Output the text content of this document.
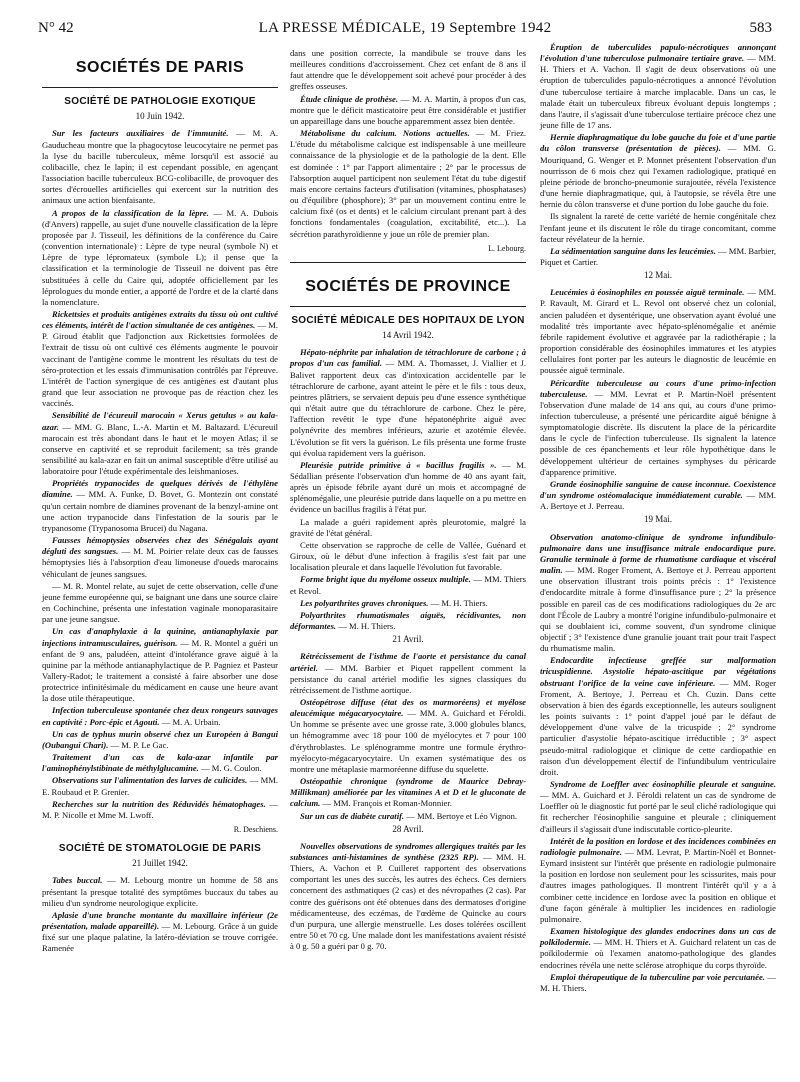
N° 42	LA PRESSE MÉDICALE, 19 Septembre 1942	583
SOCIÉTÉS DE PARIS
SOCIÉTÉ DE PATHOLOGIE EXOTIQUE
10 Juin 1942.

Sur les facteurs auxiliaires de l'immunité. — M. A. Gauducheau montre que la phagocytose leucocytaire ne permet pas la lyse du bacille tuberculeux, même lorsqu'il est associé au colibacille, chez le lapin; il est cependant possible, en agençant l'association bacille tuberculeux BCG-colibacille, de provoquer des sortes d'écrouelles artificielles qui exercent sur la nutrition des animaux une action bienfaisante.

A propos de la classification de la lèpre. — M. A. Dubois (d'Anvers) rappelle, au sujet d'une nouvelle classification de la lèpre proposée par J. Tisseuil, les définitions de la conférence du Caire (convention internationale) : Lèpre de type neural (symbole N) et Lèpre de type lépromateux (symbole L); il pense que la classification et la terminologie de Tisseuil ne doivent pas être substituées à celle du Caire qui, adoptée officiellement par les léprologues du monde entier, a apporté de l'ordre et de la clarté dans la nomenclature.

Rickettsies et produits antigènes extraits du tissu où ont cultivé ces éléments, intérêt de l'action simultanée de ces antigènes. — M. P. Giroud établit que l'adjonction aux Rickettsies formolées de l'extrait de tissu où ont cultivé ces éléments augmente le pouvoir vaccinant de l'antigène comme le montrent les résultats du test de séro-protection et les essais d'immunisation contrôlés par l'épreuve. L'intérêt de l'action synergique de ces antigènes est d'autant plus grand que leur association ne provoque pas de réaction chez les vaccinés.

Sensibilité de l'écureuil marocain « Xerus getulus » au kala-azar. — MM. G. Blanc, L.-A. Martin et M. Baltazard. L'écureuil marocain est très abondant dans le haut et le moyen Atlas; il se conserve en captivité et se reproduit facilement; sa très grande sensibilité au kala-azar en fait un animal susceptible d'être utilisé au laboratoire pour l'étude expérimentale des leishmanioses.

Propriétés trypanocides de quelques dérivés de l'éthylène diamine. — MM. A. Funke, D. Bovet, G. Montezin ont constaté qu'un certain nombre de diamines provenant de la benzyl-amine ont une action trypanocide dans l'infestation de la souris par le trypanosome (Trypanosoma Brucei) du Nagana.

Fausses hémoptysies observées chez des Sénégalais ayant dégluti des sangsues. — M. M. Poirier relate deux cas de fausses hémoptysies liés à l'absorption d'eau limoneuse d'oueds marocains véhiculant de jeunes sangsues.

— M. R. Montel relate, au sujet de cette observation, celle d'une jeune femme européenne qui, se baignant une dans une source claire en Cochinchine, présenta une infestation vaginale monoparasitaire par une jeune sangsue.

Un cas d'anaphylaxie à la quinine, antianaphylaxie par injections intramusculaires, guérison. — M. R. Montel a guéri un enfant de 9 ans, paludéen, atteint d'intolérance grave aiguë à la quinine par la méthode antianaphylactique de P. Pagniez et Pasteur Vallery-Radot; le traitement a consisté à faire absorber une dose protectrice infinitésimale du médicament en cause une heure avant la dose utile thérapeutique.

Infection tuberculeuse spontanée chez deux rongeurs sauvages en captivité : Porc-épic et Agouti. — M. A. Urbain.

Un cas de typhus murin observé chez un Européen à Bangui (Oubangui Chari). — M. P. Le Gac.

Traitement d'un cas de kala-azar infantile par l'aminophénylstibinate de méthylglucamine. — M. G. Coulon.

Observations sur l'alimentation des larves de culicides. — MM. E. Roubaud et P. Grenier.

Recherches sur la nutrition des Réduvidés hématophages. — M. P. Nicolle et Mme M. Lwoff.

R. Deschiens.
SOCIÉTÉ DE STOMATOLOGIE DE PARIS
21 Juillet 1942.

Tabes buccal. — M. Lebourg montre un homme de 58 ans présentant la presque totalité des symptômes buccaux du tabes au milieu d'un syndrome neurologique explicite.

Aplasie d'une branche montante du maxillaire inférieur (2e présentation, malade appareillé). — M. Lebourg. Grâce à un guide fixé sur une plaque palatine, la latéro-déviation se trouve corrigée. Ramenée

dans une position correcte, la mandibule se trouve dans les meilleures conditions d'accroissement. Chez cet enfant de 8 ans il faut attendre que le développement soit achevé pour procéder à des greffes osseuses.

Étude clinique de prothèse. — M. A. Martin, à propos d'un cas, montre que le déficit masticatoire peut être considérable et justifier un appareillage dans une bouche apparemment assez bien dentée.

Métabolisme du calcium. Notions actuelles. — M. Friez. L'étude du métabolisme calcique est indispensable à une meilleure connaissance de la physiologie et de la pathologie de la dent. Elle est dominée : 1° par l'apport alimentaire ; 2° par le processus de l'absorption auquel participent non seulement l'état du tube digestif mais encore certains facteurs d'utilisation (vitamines, phosphatases) ou d'équilibre (phosphore); 3° par un mouvement continu entre le calcium fixé (os et dents) et le calcium circulant prenant part à des fonctions fondamentales (coagulation, excitabilité, etc...). La sécrétion parathyroïdienne y joue un rôle de premier plan.

L. Lebourg.
SOCIÉTÉS DE PROVINCE
SOCIÉTÉ MÉDICALE DES HOPITAUX DE LYON
14 Avril 1942.

Hépato-néphrite par inhalation de tétrachlorure de carbone ; à propos d'un cas familial. — MM. A. Thomasset, J. Viallier et J. Balivet rapportent deux cas d'intoxication accidentelle par le tétrachlorure de carbone, ayant atteint le père et le fils : tous deux, peintres plâtriers, se servaient depuis peu d'une essence synthétique qui n'était autre que du tétrachlorure de carbone. Chez le père, l'affection revêtit le type d'une hépatonéphrite aiguë avec polynévrite des membres inférieurs, azurie et azotémie élevée. L'évolution se fit vers la guérison. Le fils présenta une forme fruste qui évolua rapidement vers la guérison.

Pleurésie putride primitive à « bacillus fragilis ». — M. Sédallian présente l'observation d'un homme de 40 ans ayant fait, après un épisode fébrile ayant duré un mois et accompagné de splénomégalie, une pleurésie putride dans laquelle on a pu mettre en évidence un bacillus fragilis à l'état pur.

La malade a guéri rapidement après pleurotomie, malgré la gravité de l'état général.

Cette observation se rapproche de celle de Vallée, Guénard et Giroux, où le début d'une infection à fragilis s'est fait par une localisation pleurale et dans laquelle l'évolution fut favorable.

Forme bright ique du myélome osseux multiple. — MM. Thiers et Revol.

Les polyarthrites graves chroniques. — M. H. Thiers.

Polyarthrites rhumatismales aiguës, récidivantes, non déformantes. — M. H. Thiers.

21 Avril.

Rétrécissement de l'isthme de l'aorte et persistance du canal artériel. — MM. Barbier et Piquet rappellent comment la persistance du canal artériel modifie les signes classiques du rétrécissement de l'isthme aortique.

Ostéopétrose diffuse (état des os marmoréens) et myélose aleucémique mégacaryocytaire. — MM. A. Guichard et Féroldi. Un homme se présente avec une grosse rate, 3.000 globules blancs, un hémogramme avec 18 pour 100 de myélocytes et 7 pour 100 d'érythroblastes. Le splénogramme montre une formule érythro-myélocyto-mégacaryocytaire. Un examen systématique des os montre une métaplasie marmoréenne diffuse du squelette.

Ostéopathie chronique (syndrome de Maurice Debray-Millikman) améliorée par les vitamines A et D et le gluconate de calcium. — MM. François et Roman-Monnier.

Sur un cas de diabète curatif. — MM. Bertoye et Léo Vignon.

28 Avril.

Nouvelles observations de syndromes allergiques traités par les substances anti-histamines de synthèse (2325 RP). — MM. H. Thiers, A. Vachon et P. Cuilleret rapportent des observations comportant les unes des succès, les autres des échecs. Ces derniers concernent des asthmatiques (2 cas) et des névropathes (2 cas). Par contre des guérisons ont été obtenues dans des dermatoses d'origine médicamenteuse, des eczémas, de l'œdème de Quincke au cours d'un purpura, une allergie menstruelle. Les doses tolérées oscillent entre 50 et 70 cg. Une malade dont les manifestations avaient résisté à 0 g. 50 a guéri par 0 g. 70.

Éruption de tuberculides papulo-nécrotiques annonçant l'évolution d'une tuberculose pulmonaire tertiaire grave. — MM. H. Thiers et A. Vachon. Il s'agit de deux observations où une éruption de tuberculides papulo-nécrotiques a annoncé l'évolution d'une tuberculose tertiaire à marche implacable. Dans un cas, le malade était un tuberculeux fibreux évoluant depuis longtemps ; dans l'autre, il s'agissait d'une tuberculose tertiaire précoce chez une jeune fille de 17 ans.

Hernie diaphragmatique du lobe gauche du foie et d'une partie du côlon transverse (présentation de pièces). — MM. G. Mouriquand, G. Wenger et P. Monnet présentent l'observation d'un nourrisson de 6 mois chez qui l'examen radiologique, pratiqué en pleine période de broncho-pneumonie surajoutée, révéla l'existence d'une hernie diaphragmatique, qui, à l'autopsie, se révéla être une hernie du côlon transverse et d'une portion du lobe gauche du foie.

Ils signalent la rareté de cette variété de hernie congénitale chez l'enfant jeune et ils discutent le rôle du tirage concomitant, comme facteur révélateur de la hernie.

La sédimentation sanguine dans les leucémies. — MM. Barbier, Piquet et Cartier.

12 Mai.

Leucémies à éosinophiles en poussée aiguë terminale. — MM. P. Ravault, M. Girard et L. Revol ont observé chez un colonial, ancien paludéen et dysentérique, une observation ayant évolué une modalité très importante avec hépato-splénomégalie et anémie fébrile rapidement évolutive et aggravée par la radiothérapie ; la proportion considérable des éosinophiles immatures et les atypies cellulaires font porter par les auteurs le diagnostic de leucémie en poussée aiguë terminale.

Péricardite tuberculeuse au cours d'une primo-infection tuberculeuse. — MM. Levrat et P. Martin-Noël présentent l'observation d'une malade de 14 ans qui, au cours d'une primo-infection tuberculeuse, a présenté une péricardite aiguë bénigne à symptomatologie discrète. Ils discutent la place de la péricardite dans le cycle de l'infection tuberculeuse. Ils signalent la latence possible de ces épanchements et leur rôle hypothétique dans le développement ultérieur de certaines symphyses du péricarde d'apparence primitive.

Grande éosinophilie sanguine de cause inconnue. Coexistence d'un syndrome ostéomalacique immédiatement curable. — MM. A. Bertoye et J. Perreau.

19 Mai.

Observation anatomo-clinique de syndrome infundibulo-pulmonaire dans une insuffisance mitrale endocardique pure. Granulie terminale à forme de rhumatisme cardiaque et viscéral malin. — MM. Roger Froment, A. Bertoye et J. Perreau apportent une observation illustrant trois points précis : 1° l'existence d'endocardite mitrale à forme d'insuffisance pure ; 2° la présence possible en pareil cas de ces modifications radiologiques du 2e arc dont l'École de Laubry a montré l'origine infundibulo-pulmonaire et qui se doublaient ici, comme souvent, d'un syndrome clinique objectif ; 3° l'existence d'une granulie jouant trait pour trait l'aspect du rhumatisme malin.

Endocardite infectieuse greffée sur malformation tricuspidienne. Asystolie hépato-ascitique par végétations obstruant l'orifice de la veine cave inférieure. — MM. Roger Froment, A. Bertoye, J. Perreau et Ch. Cuzin. Dans cette observation à bien des égards exceptionnelle, les auteurs soulignent les points suivants : 1° point d'appel joué par le défaut de développement d'une valve de la tricuspide ; 2° syndrome particulier d'asystolie hépato-ascitique irréductible ; 3° aspect pseudo-mitral radiologique et clinique de cette cardiopathie en raison d'un développement électif de l'infundibulum ventriculaire droit.

Syndrome de Loeffler avec éosinophilie pleurale et sanguine. — MM. A. Guichard et J. Féroldi relatent un cas de syndrome de Loeffler où le diagnostic fut porté par le seul cliché radiologique qui fit rechercher l'éosinophilie sanguine et pleurale ; cliniquement d'ailleurs il s'agissait d'une indiscutable cortico-pleurite.

Intérêt de la position en lordose et des incidences combinées en radiologie pulmonaire. — MM. Levrat, P. Martin-Noël et Bonnet-Eymard insistent sur l'intérêt que présente en radiologie pulmonaire la position en lordose non seulement pour les scissurites, mais pour d'autres images pathologiques. Il montrent l'intérêt qu'il y a à combiner cette incidence en lordose avec la position en oblique et d'une façon générale à multiplier les incidences en radiologie pulmonaire.

Examen histologique des glandes endocrines dans un cas de polkilodermie. — MM. H. Thiers et A. Guichard relatent un cas de poïkilodermie où l'examen anatomo-pathologique des glandes endocrines révéla une nette sclérose atrophique du corps thyroïde.

Emploi thérapeutique de la tuberculine par voie percutanée. — M. H. Thiers.
